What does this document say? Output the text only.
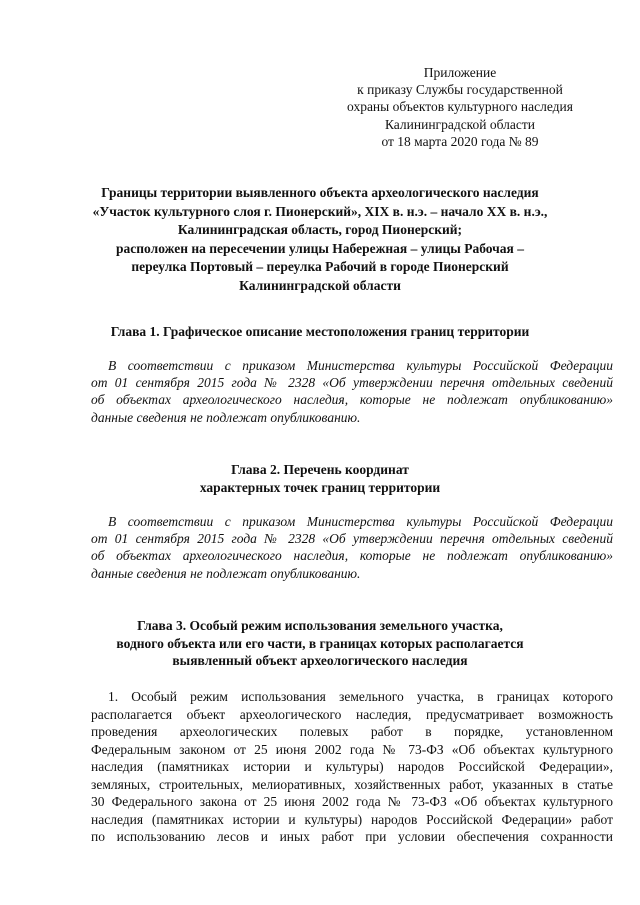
Приложение
к приказу Службы государственной
охраны объектов культурного наследия
Калининградской области
от 18 марта 2020 года № 89
Границы территории выявленного объекта археологического наследия
«Участок культурного слоя г. Пионерский», XIX в. н.э. – начало XX в. н.э.,
Калининградская область, город Пионерский;
расположен на пересечении улицы Набережная – улицы Рабочая –
переулка Портовый – переулка Рабочий в городе Пионерский
Калининградской области
Глава 1. Графическое описание местоположения границ территории
В соответствии с приказом Министерства культуры Российской Федерации
от 01 сентября 2015 года № 2328 «Об утверждении перечня отдельных сведений
об объектах археологического наследия, которые не подлежат опубликованию»
данные сведения не подлежат опубликованию.
Глава 2. Перечень координат
характерных точек границ территории
В соответствии с приказом Министерства культуры Российской Федерации
от 01 сентября 2015 года № 2328 «Об утверждении перечня отдельных сведений
об объектах археологического наследия, которые не подлежат опубликованию»
данные сведения не подлежат опубликованию.
Глава 3. Особый режим использования земельного участка,
водного объекта или его части, в границах которых располагается
выявленный объект археологического наследия
1. Особый режим использования земельного участка, в границах которого
располагается объект археологического наследия, предусматривает возможность
проведения археологических полевых работ в порядке, установленном
Федеральным законом от 25 июня 2002 года № 73-ФЗ «Об объектах культурного
наследия (памятниках истории и культуры) народов Российской Федерации»,
земляных, строительных, мелиоративных, хозяйственных работ, указанных в статье
30 Федерального закона от 25 июня 2002 года № 73-ФЗ «Об объектах культурного
наследия (памятниках истории и культуры) народов Российской Федерации» работ
по использованию лесов и иных работ при условии обеспечения сохранности
